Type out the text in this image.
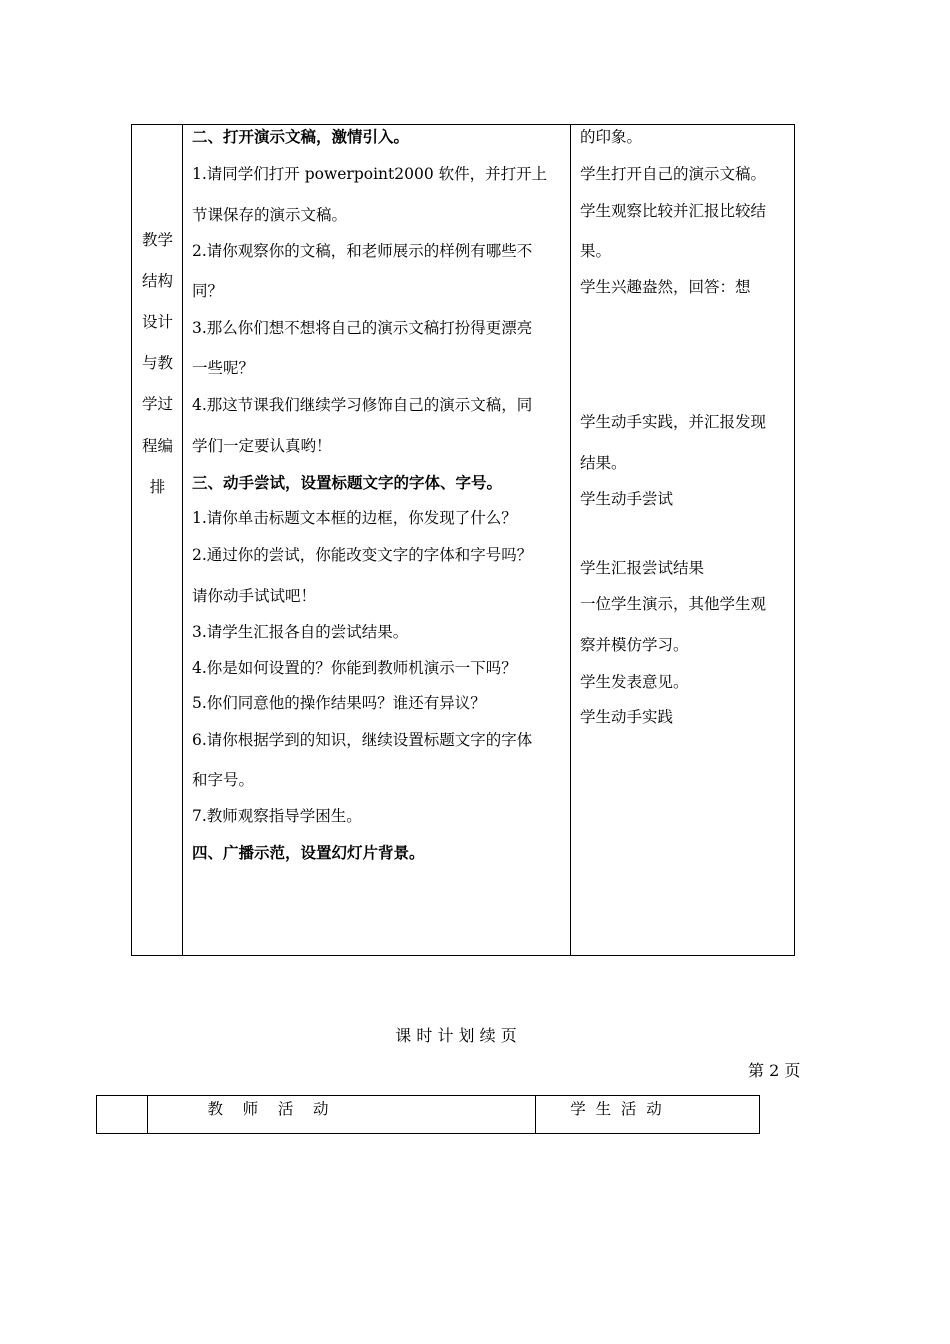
教学
结构
设计
与教
学过
程编
排
二、打开演示文稿，激情引入。
1.请同学们打开 powerpoint2000 软件，并打开上
节课保存的演示文稿。
2.请你观察你的文稿，和老师展示的样例有哪些不
同？
3.那么你们想不想将自己的演示文稿打扮得更漂亮
一些呢？
4.那这节课我们继续学习修饰自己的演示文稿，同
学们一定要认真哟！
三、动手尝试，设置标题文字的字体、字号。
1.请你单击标题文本框的边框，你发现了什么？
2.通过你的尝试，你能改变文字的字体和字号吗？
请你动手试试吧！
3.请学生汇报各自的尝试结果。
4.你是如何设置的？你能到教师机演示一下吗？
5.你们同意他的操作结果吗？谁还有异议？
6.请你根据学到的知识，继续设置标题文字的字体
和字号。
7.教师观察指导学困生。
四、广播示范，设置幻灯片背景。
的印象。
学生打开自己的演示文稿。
学生观察比较并汇报比较结
果。
学生兴趣盎然，回答：想
学生动手实践，并汇报发现
结果。
学生动手尝试
学生汇报尝试结果
一位学生演示，其他学生观
察并模仿学习。
学生发表意见。
学生动手实践
课 时 计 划 续 页
第 2 页
教    师    活    动	学  生  活  动
